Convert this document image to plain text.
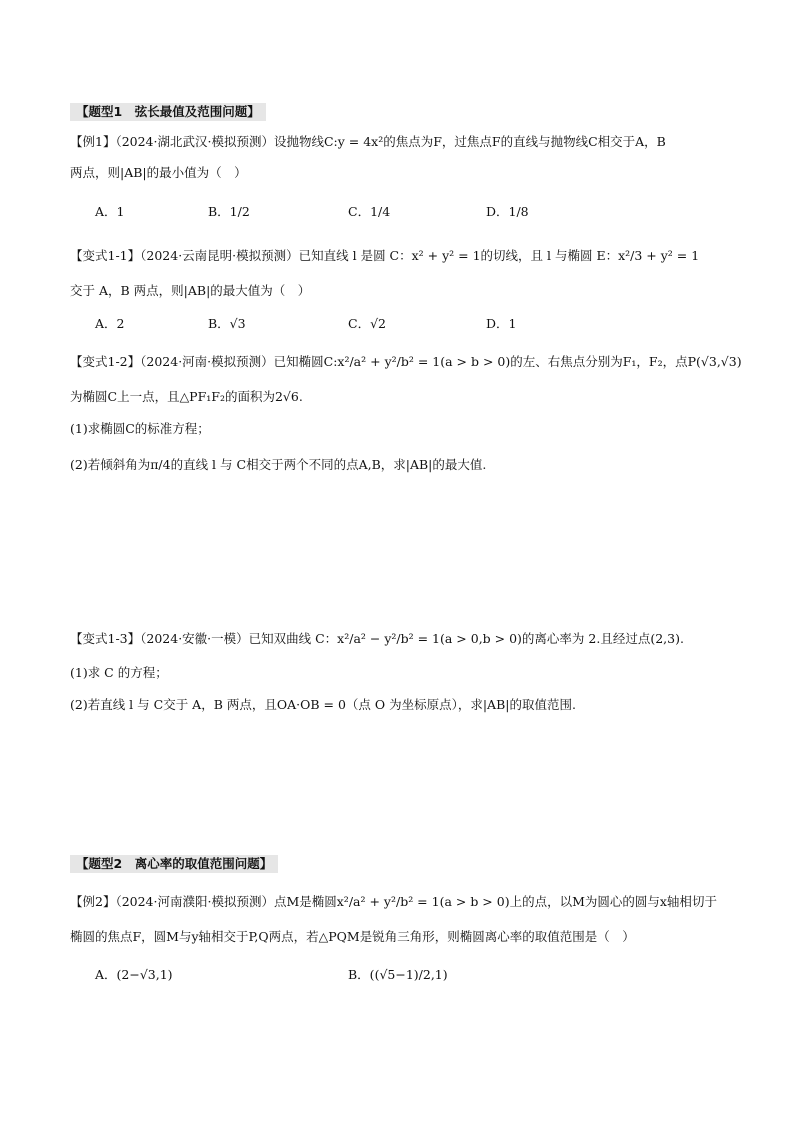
【题型1　弦长最值及范围问题】
【例1】（2024·湖北武汉·模拟预测）设抛物线C:y = 4x²的焦点为F，过焦点F的直线与抛物线C相交于A，B
两点，则|AB|的最小值为（　）
A．1	B．1/2	C．1/4	D．1/8
【变式1-1】（2024·云南昆明·模拟预测）已知直线 l 是圆 C：x² + y² = 1的切线，且 l 与椭圆 E：x²/3 + y² = 1
交于 A，B 两点，则|AB|的最大值为（　）
A．2	B．√3	C．√2	D．1
【变式1-2】（2024·河南·模拟预测）已知椭圆C:x²/a² + y²/b² = 1(a > b > 0)的左、右焦点分别为F₁，F₂，点P(√3,√3)
为椭圆C上一点，且△PF₁F₂的面积为2√6.
(1)求椭圆C的标准方程；
(2)若倾斜角为π/4的直线 l 与 C相交于两个不同的点A,B，求|AB|的最大值.
【变式1-3】（2024·安徽·一模）已知双曲线 C：x²/a² − y²/b² = 1(a > 0,b > 0)的离心率为 2.且经过点(2,3).
(1)求 C 的方程；
(2)若直线 l 与 C交于 A，B 两点，且OA·OB = 0（点 O 为坐标原点），求|AB|的取值范围.
【题型2　离心率的取值范围问题】
【例2】（2024·河南濮阳·模拟预测）点M是椭圆x²/a² + y²/b² = 1(a > b > 0)上的点，以M为圆心的圆与x轴相切于
椭圆的焦点F，圆M与y轴相交于P,Q两点，若△PQM是锐角三角形，则椭圆离心率的取值范围是（　）
A．(2−√3,1)	B．((√5−1)/2,1)
